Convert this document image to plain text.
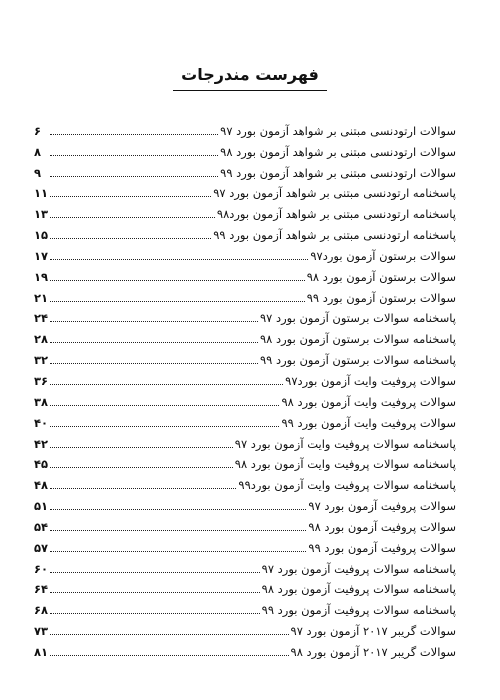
فهرست مندرجات
سوالات ارتودنسی مبتنی بر شواهد آزمون بورد ۹۷
۶
سوالات ارتودنسی مبتنی بر شواهد آزمون بورد ۹۸
۸
سوالات ارتودنسی مبتنی بر شواهد آزمون بورد ۹۹
۹
پاسخنامه ارتودنسی مبتنی بر شواهد آزمون بورد ۹۷
۱۱
پاسخنامه ارتودنسی مبتنی بر شواهد آزمون بورد۹۸
۱۳
پاسخنامه ارتودنسی مبتنی بر شواهد آزمون بورد ۹۹
۱۵
سوالات برستون آزمون بورد۹۷
۱۷
سوالات برستون آزمون بورد ۹۸
۱۹
سوالات برستون آزمون بورد ۹۹
۲۱
پاسخنامه سوالات برستون آزمون بورد ۹۷
۲۴
پاسخنامه سوالات برستون آزمون بورد ۹۸
۲۸
پاسخنامه سوالات برستون آزمون بورد ۹۹
۳۲
سوالات پروفیت وایت آزمون بورد۹۷
۳۶
سوالات پروفیت وایت آزمون بورد ۹۸
۳۸
سوالات پروفیت وایت آزمون بورد ۹۹
۴۰
پاسخنامه سوالات پروفیت وایت آزمون بورد ۹۷
۴۲
پاسخنامه سوالات پروفیت وایت آزمون بورد ۹۸
۴۵
پاسخنامه سوالات پروفیت وایت آزمون بورد۹۹
۴۸
سوالات پروفیت آزمون بورد ۹۷
۵۱
سوالات پروفیت آزمون بورد ۹۸
۵۴
سوالات پروفیت آزمون بورد ۹۹
۵۷
پاسخنامه سوالات پروفیت آزمون بورد ۹۷
۶۰
پاسخنامه سوالات پروفیت آزمون بورد ۹۸
۶۴
پاسخنامه سوالات پروفیت آزمون بورد ۹۹
۶۸
سوالات گریبر ۲۰۱۷ آزمون بورد ۹۷
۷۳
سوالات گریبر ۲۰۱۷ آزمون بورد ۹۸
۸۱
